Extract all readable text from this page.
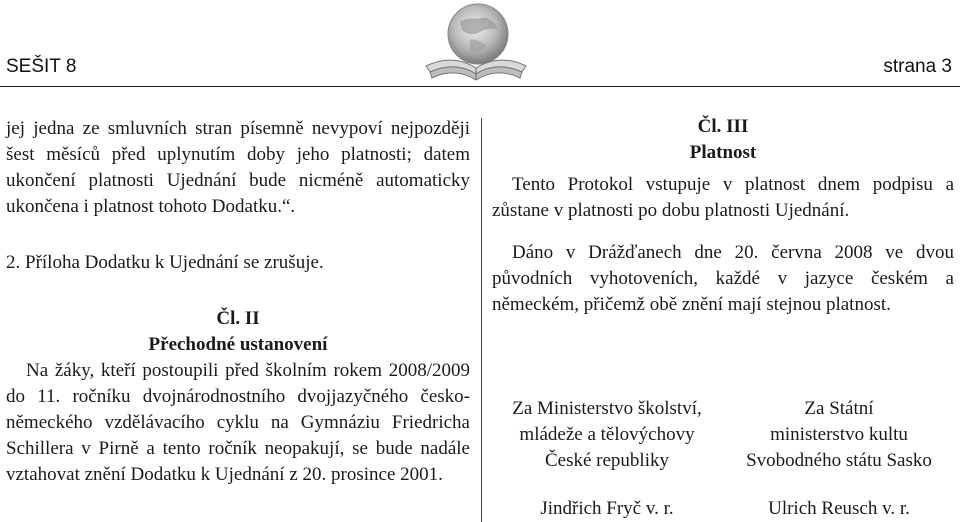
SEŠIT 8	strana 3

jej jedna ze smluvních stran písemně nevypoví nejpozději šest měsíců před uplynutím doby jeho platnosti; datem ukončení platnosti Ujednání bude nicméně automaticky ukončena i platnost tohoto Dodatku.“.

2. Příloha Dodatku k Ujednání se zrušuje.

Čl. II
Přechodné ustanovení

Na žáky, kteří postoupili před školním rokem 2008/2009 do 11. ročníku dvojnárodnostního dvojjazyčného česko-německého vzdělávacího cyklu na Gymnáziu Friedricha Schillera v Pirně a tento ročník neopakují, se bude nadále vztahovat znění Dodatku k Ujednání z 20. prosince 2001.

Čl. III
Platnost

Tento Protokol vstupuje v platnost dnem podpisu a zůstane v platnosti po dobu platnosti Ujednání.

Dáno v Drážďanech dne 20. června 2008 ve dvou původních vyhotoveních, každé v jazyce českém a německém, přičemž obě znění mají stejnou platnost.

Za Ministerstvo školství,
mládeže a tělovýchovy
České republiky
Jindřich Fryč v. r.
Za Státní
ministerstvo kultu
Svobodného státu Sasko
Ulrich Reusch v. r.
